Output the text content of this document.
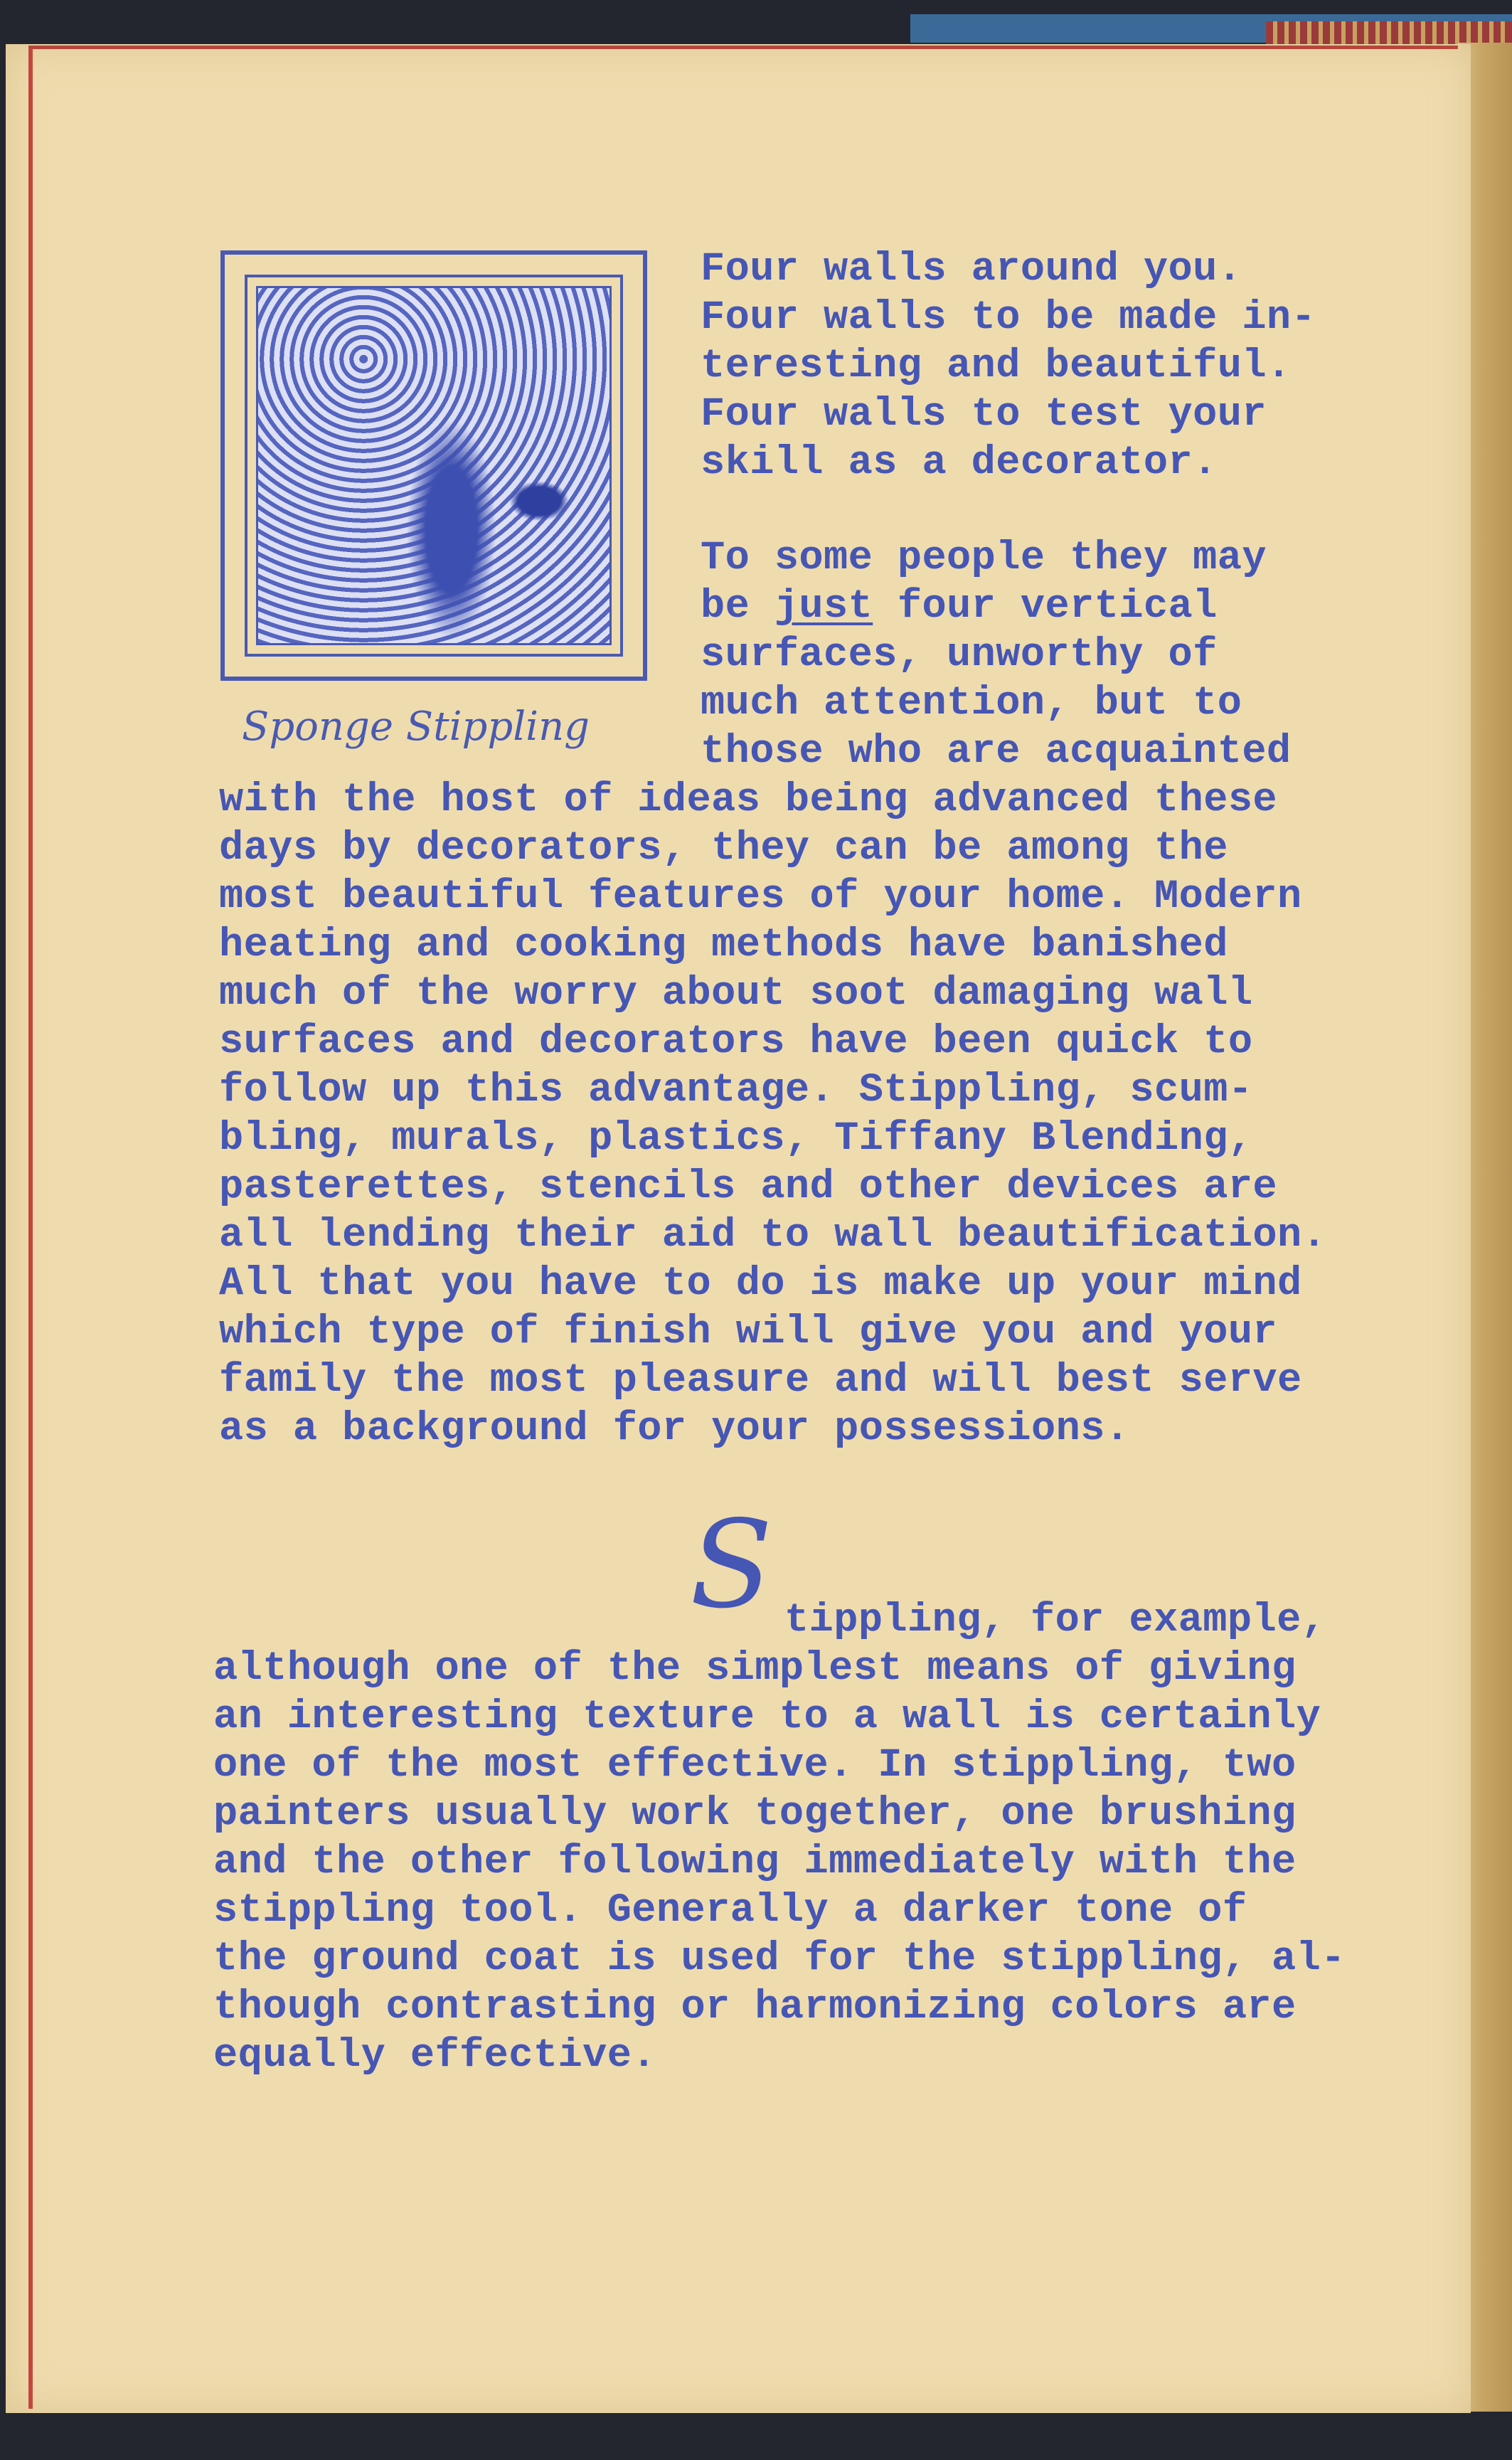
Sponge Stippling
Four walls around you.
Four walls to be made in-
teresting and beautiful.
Four walls to test your
skill as a decorator.
To some people they may
be just four vertical
surfaces, unworthy of
much attention, but to
those who are acquainted
with the host of ideas being advanced these
days by decorators, they can be among the
most beautiful features of your home. Modern
heating and cooking methods have banished
much of the worry about soot damaging wall
surfaces and decorators have been quick to
follow up this advantage. Stippling, scum-
bling, murals, plastics, Tiffany Blending,
pasterettes, stencils and other devices are
all lending their aid to wall beautification.
All that you have to do is make up your mind
which type of finish will give you and your
family the most pleasure and will best serve
as a background for your possessions.
S tippling, for example,
although one of the simplest means of giving
an interesting texture to a wall is certainly
one of the most effective. In stippling, two
painters usually work together, one brushing
and the other following immediately with the
stippling tool. Generally a darker tone of
the ground coat is used for the stippling, al-
though contrasting or harmonizing colors are
equally effective.
